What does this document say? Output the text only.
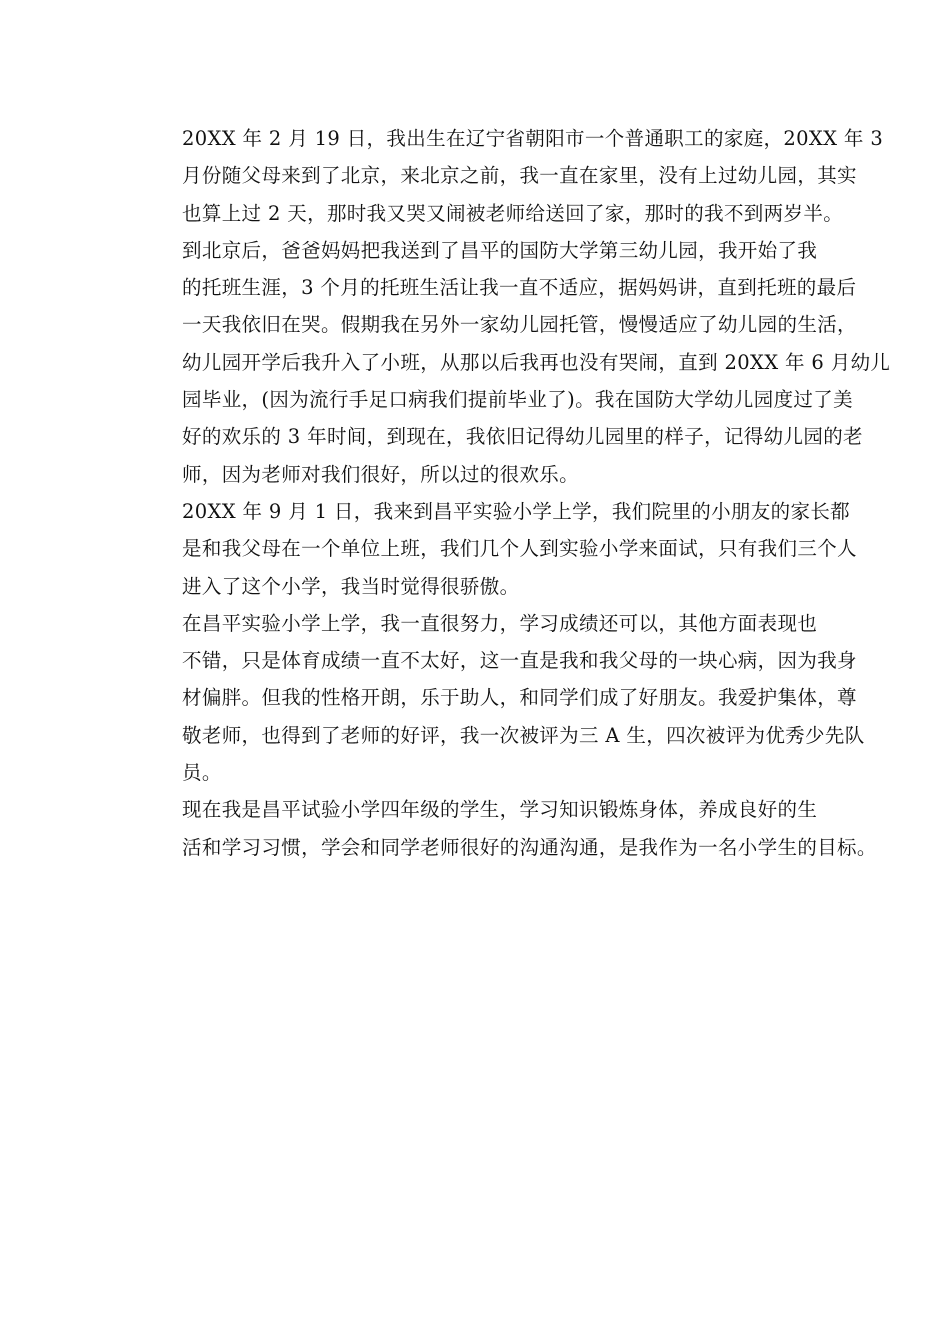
20XX 年 2 月 19 日，我出生在辽宁省朝阳市一个普通职工的家庭，20XX 年 3
月份随父母来到了北京，来北京之前，我一直在家里，没有上过幼儿园，其实
也算上过 2 天，那时我又哭又闹被老师给送回了家，那时的我不到两岁半。

到北京后，爸爸妈妈把我送到了昌平的国防大学第三幼儿园，我开始了我
的托班生涯，3 个月的托班生活让我一直不适应，据妈妈讲，直到托班的最后
一天我依旧在哭。假期我在另外一家幼儿园托管，慢慢适应了幼儿园的生活，
幼儿园开学后我升入了小班，从那以后我再也没有哭闹，直到 20XX 年 6 月幼儿
园毕业，(因为流行手足口病我们提前毕业了)。我在国防大学幼儿园度过了美
好的欢乐的 3 年时间，到现在，我依旧记得幼儿园里的样子，记得幼儿园的老
师，因为老师对我们很好，所以过的很欢乐。

20XX 年 9 月 1 日，我来到昌平实验小学上学，我们院里的小朋友的家长都
是和我父母在一个单位上班，我们几个人到实验小学来面试，只有我们三个人
进入了这个小学，我当时觉得很骄傲。

在昌平实验小学上学，我一直很努力，学习成绩还可以，其他方面表现也
不错，只是体育成绩一直不太好，这一直是我和我父母的一块心病，因为我身
材偏胖。但我的性格开朗，乐于助人，和同学们成了好朋友。我爱护集体，尊
敬老师，也得到了老师的好评，我一次被评为三 A 生，四次被评为优秀少先队
员。

现在我是昌平试验小学四年级的学生，学习知识锻炼身体，养成良好的生
活和学习习惯，学会和同学老师很好的沟通沟通，是我作为一名小学生的目标。
